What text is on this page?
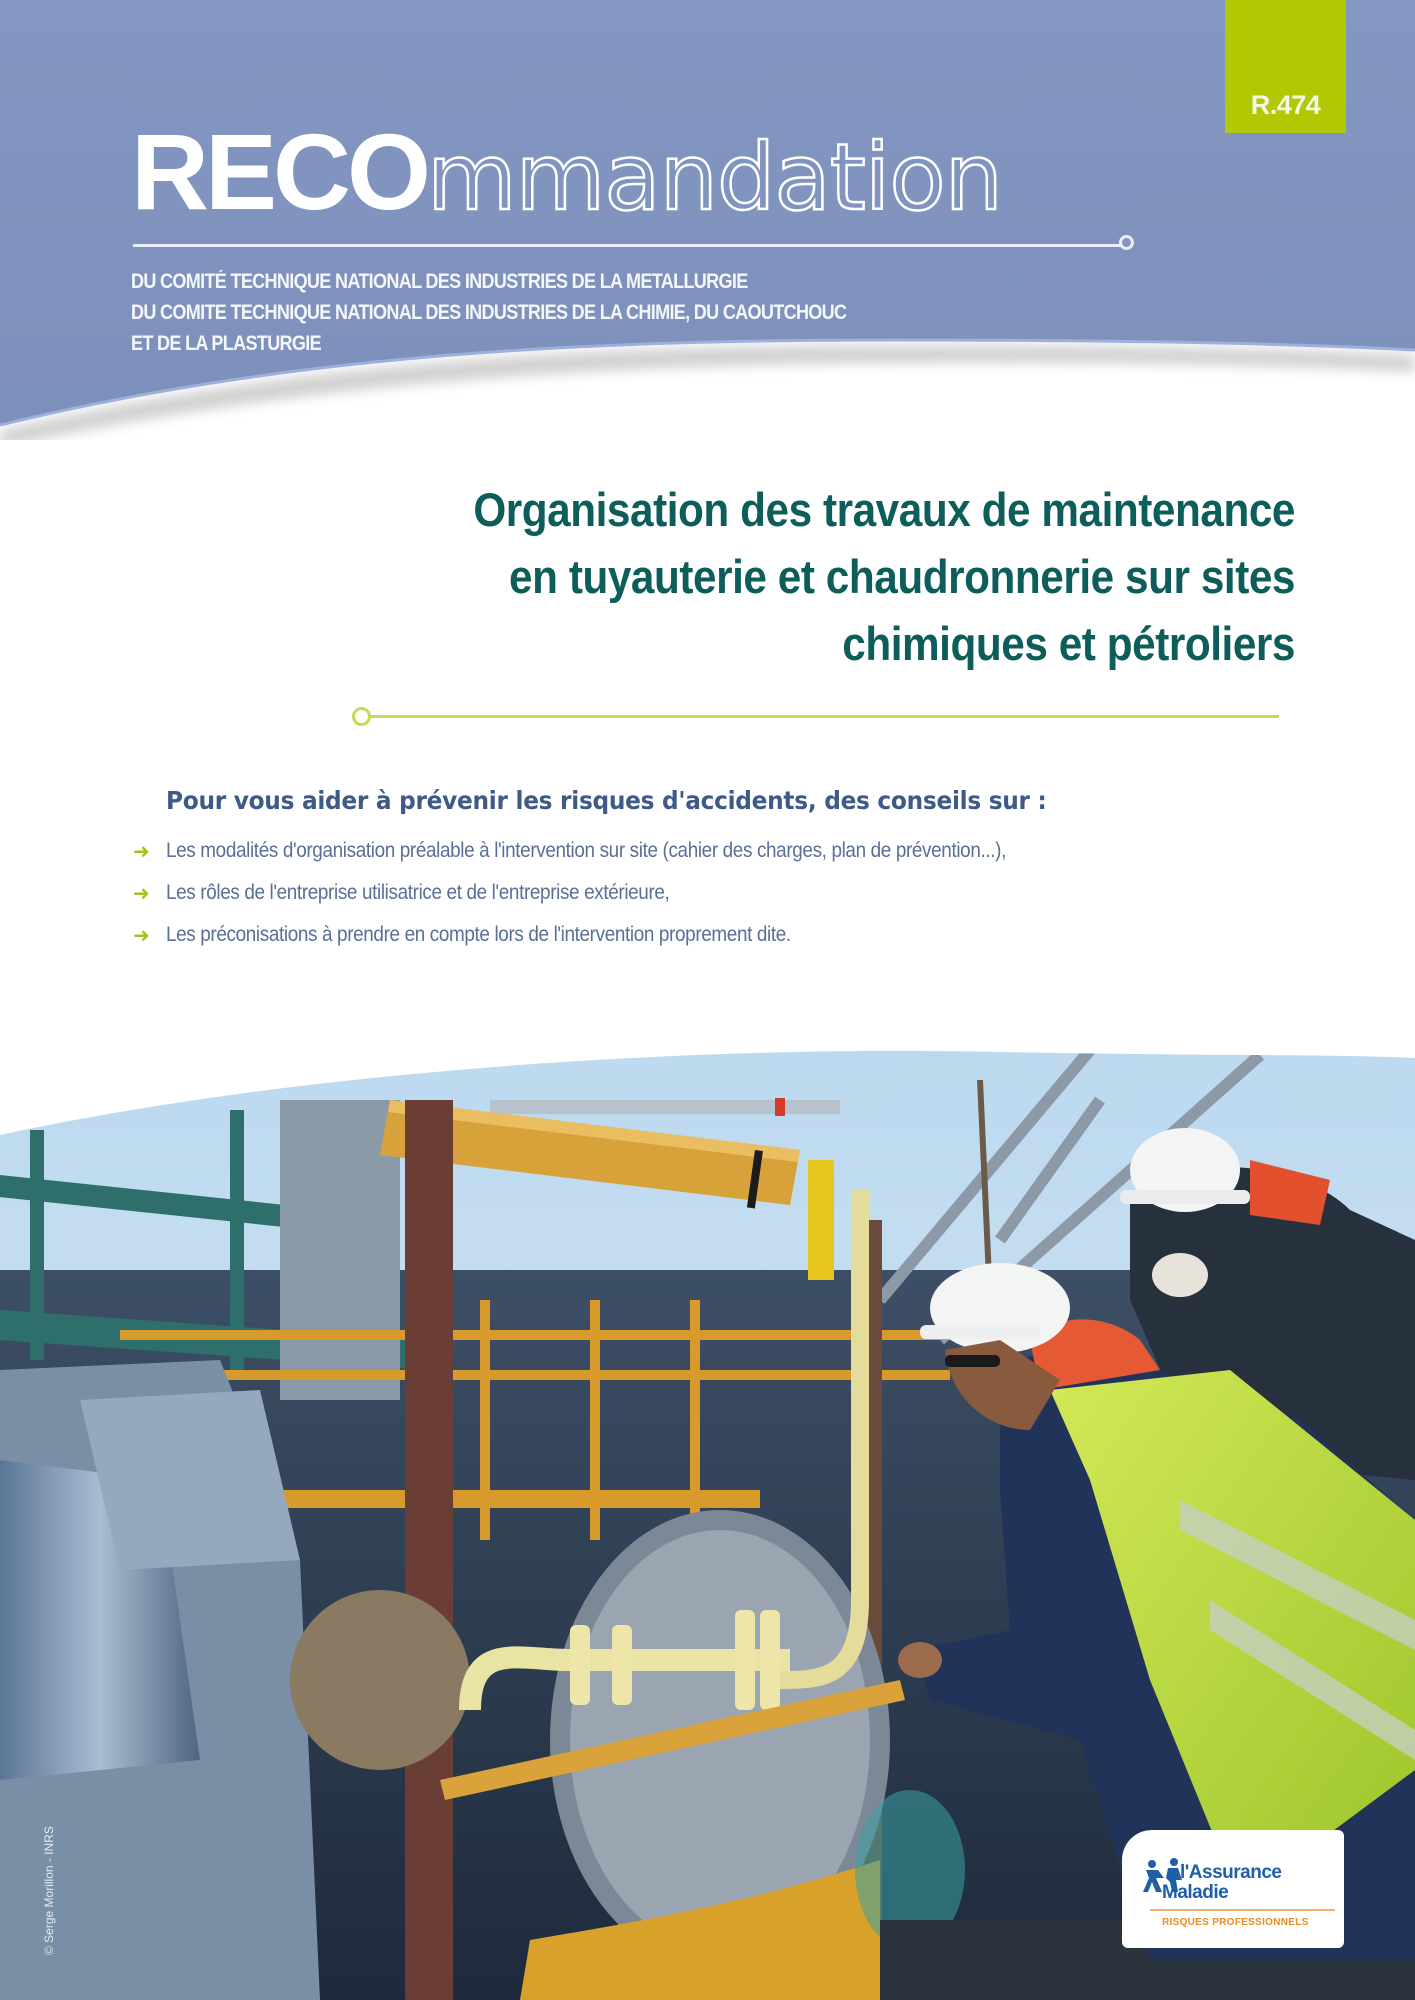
R.474
RECOmmandation
DU COMITÉ TECHNIQUE NATIONAL DES INDUSTRIES DE LA METALLURGIE
DU COMITE TECHNIQUE NATIONAL DES INDUSTRIES DE LA CHIMIE, DU CAOUTCHOUC
ET DE LA PLASTURGIE
Organisation des travaux de maintenance
en tuyauterie et chaudronnerie sur sites
chimiques et pétroliers
Pour vous aider à prévenir les risques d'accidents, des conseils sur :
➜ Les modalités d'organisation préalable à l'intervention sur site (cahier des charges, plan de prévention...),
➜ Les rôles de l'entreprise utilisatrice et de l'entreprise extérieure,
➜ Les préconisations à prendre en compte lors de l'intervention proprement dite.
© Serge Morillon - INRS	l'Assurance
Maladie
RISQUES PROFESSIONNELS
